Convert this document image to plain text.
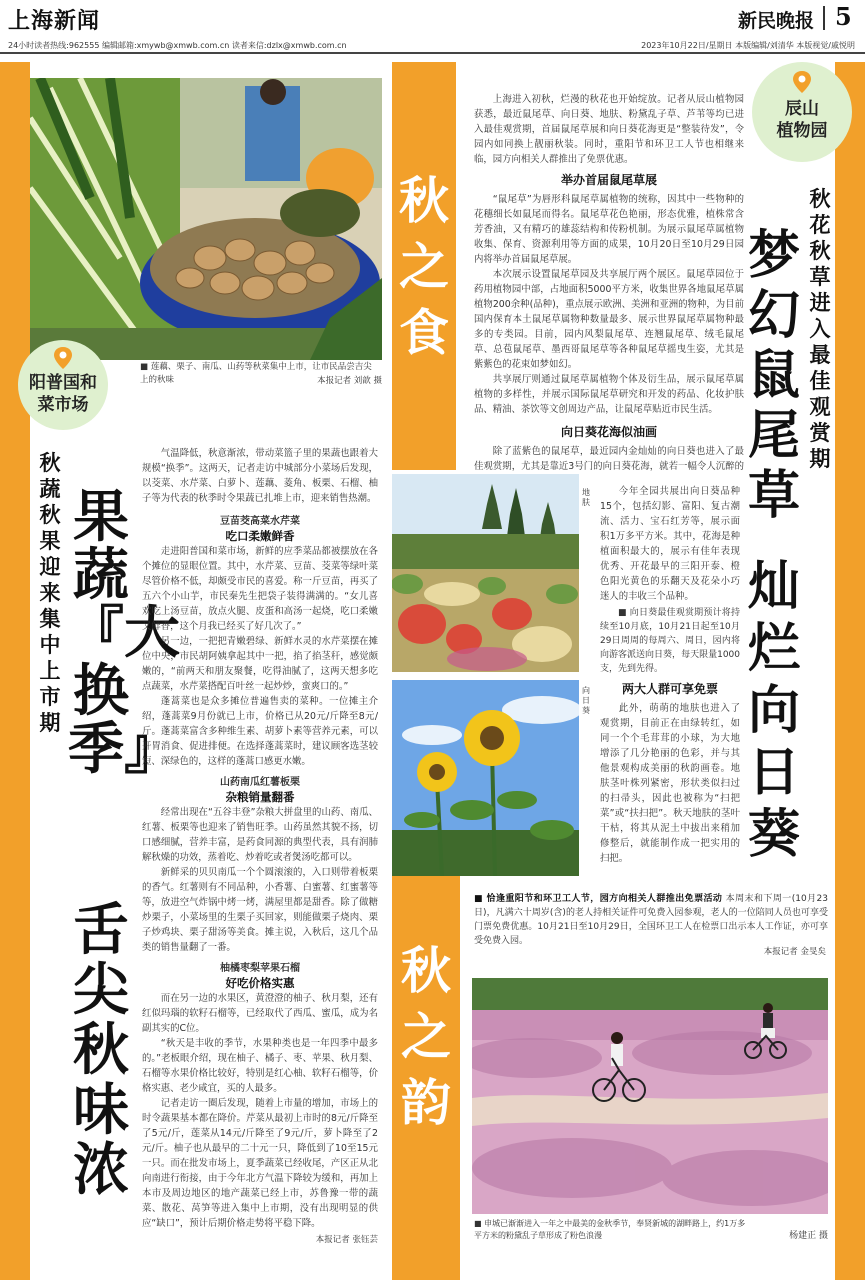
上海新闻	新民晚报 5
24小时读者热线:962555 编辑邮箱:xmywb@xmwb.com.cn 读者来信:dzlx@xmwb.com.cn	2023年10月22日/星期日 本版编辑/刘清华 本版视觉/戚悦明
秋之食
秋之韵
■ 莲藕、栗子、南瓜、山药等秋菜集中上市，让市民品尝吉尖上的秋味	本报记者 刘歆 摄
阳普国和
菜市场
秋蔬秋果迎来集中上市期
果蔬『大换季』
舌尖秋味浓

气温降低，秋意渐浓，带动菜篮子里的果蔬也跟着大规模“换季”。这两天，记者走访中城部分小菜场后发现，以茭菜、水芹菜、白萝卜、莲藕、菱角、板栗、石榴、柚子等为代表的秋季时令果蔬已扎堆上市，迎来销售热潮。

豆苗茭高菜水芹菜
吃口柔嫩鲜香

走进阳普国和菜市场，新鲜的应季菜品都被摆放在各个摊位的显眼位置。其中，水芹菜、豆苗、茭菜等绿叶菜尽管价格不低，却颇受市民的喜爱。称一斤豆苗，再买了五六个小山芋，市民秦先生把袋子装得满满的。“女儿喜欢吃上汤豆苗，放点火腿、皮蛋和高汤一起烧，吃口柔嫩又鲜香，这个月我已经买了好几次了。”

另一边，一把把青嫩碧绿、新鲜水灵的水芹菜摆在摊位中央，市民胡阿姨拿起其中一把，掐了掐茎秆，感觉颇嫩的，“前两天和朋友聚餐，吃得油腻了，这两天想多吃点蔬菜，水芹菜搭配百叶丝一起炒炒，蛮爽口的。”

蓬蒿菜也是众多摊位普遍售卖的菜种。一位摊主介绍，蓬蒿菜9月份就已上市，价格已从20元/斤降至8元/斤。蓬蒿菜富含多种维生素、胡萝卜素等营养元素，可以开胃消食、促进排便。在选择蓬蒿菜时，建议顾客选茎较短、深绿色的，这样的蓬蒿口感更水嫩。

山药南瓜红薯板栗
杂粮销量翻番

经常出现在“五谷丰登”杂粮大拼盘里的山药、南瓜、红薯、板栗等也迎来了销售旺季。山药虽然其貌不扬，切口感细腻，营养丰富，是药食同源的典型代表，具有润肺解秋燥的功效，蒸着吃、炒着吃或者煲汤吃都可以。

新鲜采的贝贝南瓜一个个圆滚滚的，入口则带着板栗的香气。红薯则有不同品种，小香薯、白蜜薯、红蜜薯等等，放进空气炸锅中烤一烤，满屋里都是甜香。除了做糖炒栗子，小菜场里的生栗子买回家，则能做栗子烧肉、栗子炒鸡块、栗子甜汤等美食。摊主说，入秋后，这几个品类的销售量翻了一番。

柚橘枣梨苹果石榴
好吃价格实惠

而在另一边的水果区，黄澄澄的柚子、秋月梨，还有红似玛瑙的软籽石榴等，已经取代了西瓜、蜜瓜，成为名副其实的C位。

“秋天是丰收的季节，水果种类也是一年四季中最多的。”老板眼介绍，现在柚子、橘子、枣、苹果、秋月梨、石榴等水果价格比较好，特别是红心柚、软籽石榴等，价格实惠、老少咸宜，买的人最多。

记者走访一圈后发现，随着上市量的增加，市场上的时令蔬果基本都在降价。芹菜从最初上市时的8元/斤降至了5元/斤，莲菜从14元/斤降至了9元/斤，萝卜降至了2元/斤。柚子也从最早的二十元一只，降低到了10至15元一只。而在批发市场上，夏季蔬菜已经收尾，产区正从北向南进行衔接，由于今年北方气温下降较为缓和，再加上本市及周边地区的地产蔬菜已经上市，苏鲁豫一带的蔬菜、散花、莴笋等进入集中上市期，没有出现明显的供应“缺口”，预计后期价格走势将平稳下降。

本报记者 张钰芸
辰山
植物园
秋花秋草进入最佳观赏期
梦幻鼠尾草
灿烂向日葵

上海进入初秋，烂漫的秋花也开始绽放。记者从辰山植物园获悉，最近鼠尾草、向日葵、地肤、粉黛乱子草、芦苇等均已进入最佳观赏期，首届鼠尾草展和向日葵花海更是“整装待发”，令园内如同换上靓丽秋装。同时，重阳节和环卫工人节也相继来临，园方向相关人群推出了免票优惠。

举办首届鼠尾草展

“鼠尾草”为唇形科鼠尾草属植物的统称，因其中一些物种的花穗细长如鼠尾而得名。鼠尾草花色艳丽，形态优雅，植株常含芳香油，又有精巧的雄蕊结构和传粉机制。为展示鼠尾草属植物收集、保育、资源利用等方面的成果，10月20日至10月29日园内将举办首届鼠尾草展。

本次展示设置鼠尾草园及共享展厅两个展区。鼠尾草园位于药用植物园中部，占地面积5000平方米，收集世界各地鼠尾草属植物200余种(品种)，重点展示欧洲、美洲和亚洲的物种，为目前国内保育本土鼠尾草属物种数量最多、展示世界鼠尾草属物种最多的专类园。目前，园内风梨鼠尾草、连翘鼠尾草、绒毛鼠尾草、总苞鼠尾草、墨西哥鼠尾草等各种鼠尾草摇曳生姿，尤其是紫紫色的花束如梦如幻。

共享展厅则通过鼠尾草属植物个体及衍生品，展示鼠尾草属植物的多样性，并展示国际鼠尾草研究和开发的药品、化妆护肤品、精油、茶饮等文创周边产品，让鼠尾草贴近市民生活。

向日葵花海似油画

除了蓝紫色的鼠尾草，最近园内金灿灿的向日葵也进入了最佳观赏期，尤其是靠近3号门的向日葵花海，就若一幅令人沉醉的

地肤
向日葵

今年全园共展出向日葵品种15个，包括幻影、富阳、复古潮流、活力、宝石红芳等，展示面积1万多平方米。其中，花海是种植面积最大的，展示有佳年表现优秀、开花最早的三阳开泰、橙色阳光黄色的乐翻天及花朵小巧迷人的丰收三个品种。

■ 向日葵最佳观赏期预计将持续至10月底，10月21日起至10月29日周周的每周六、周日，园内将向游客派送向日葵，每天限量1000支，先到先得。

两大人群可享免票

此外，萌萌的地肤也进入了观赏期，目前正在由绿转红，如同一个个毛茸茸的小球，为大地增添了几分艳丽的色彩，并与其他景观构成美丽的秋韵画卷。地肤茎叶株列紧密，形状类似扫过的扫帚头，因此也被称为“扫把菜”或“扶扫把”。秋天地肤的茎叶干枯，将其从泥土中拔出来稍加修整后，就能制作成一把实用的扫把。

■ 恰逢重阳节和环卫工人节，园方向相关人群推出免票活动 本周末和下周一(10月23日)，凡满六十周岁(含)的老人持相关证件可免费入园参观，老人的一位陪同人员也可享受门票免费优惠。10月21日至10月29日，全国环卫工人在检票口出示本人工作证，亦可享受免费入园。
本报记者 金旻矣
■ 申城已渐渐进入一年之中最美的金秋季节，奉贤新城的湖畔路上，约1万多平方米的粉黛乱子草形成了粉色浪漫	杨建正 摄
